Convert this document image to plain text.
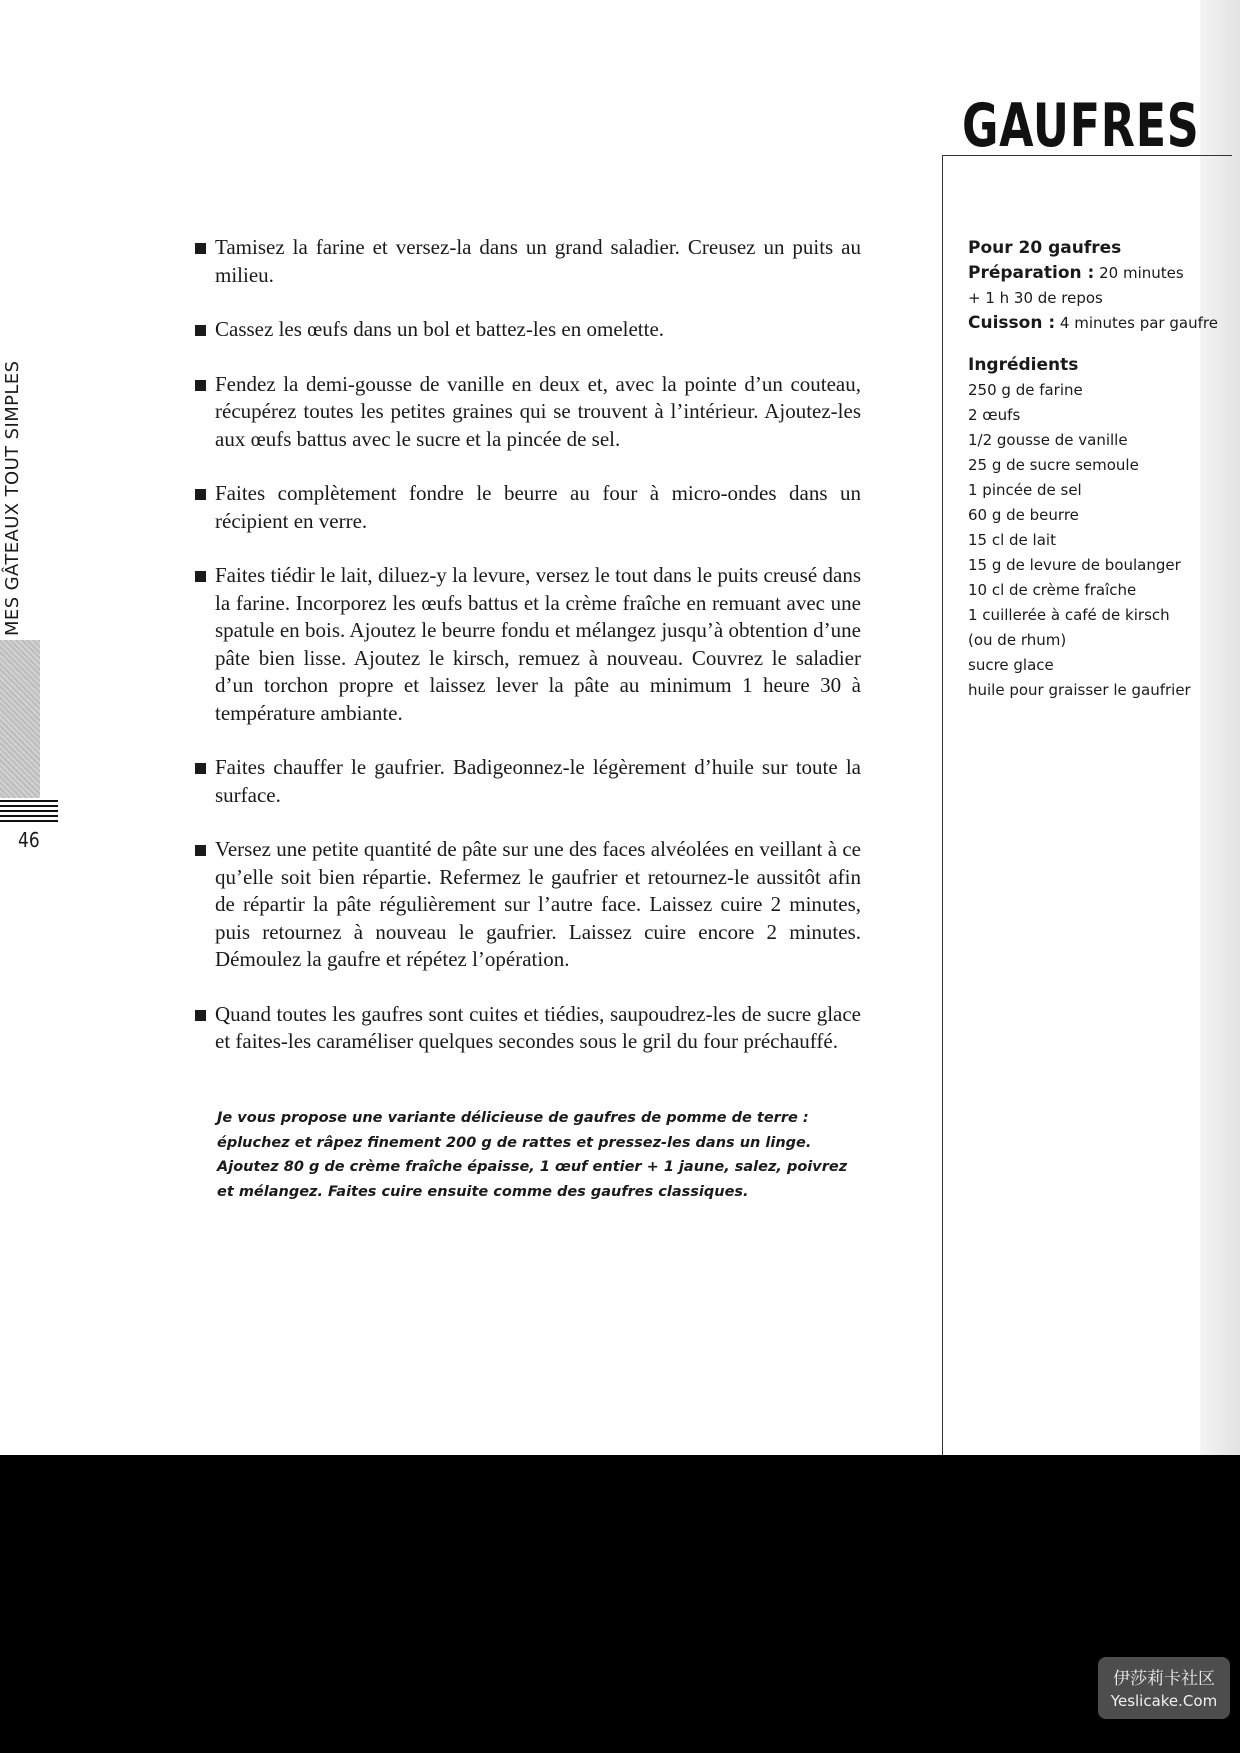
MES GÂTEAUX TOUT SIMPLES
46
GAUFRES
Pour 20 gaufres
Préparation : 20 minutes
+ 1 h 30 de repos
Cuisson : 4 minutes par gaufre
Ingrédients
250 g de farine
2 œufs
1/2 gousse de vanille
25 g de sucre semoule
1 pincée de sel
60 g de beurre
15 cl de lait
15 g de levure de boulanger
10 cl de crème fraîche
1 cuillerée à café de kirsch
(ou de rhum)
sucre glace
huile pour graisser le gaufrier
Tamisez la farine et versez-la dans un grand saladier. Creusez un puits au milieu.
Cassez les œufs dans un bol et battez-les en omelette.
Fendez la demi-gousse de vanille en deux et, avec la pointe d’un couteau, récupérez toutes les petites graines qui se trouvent à l’intérieur. Ajoutez-les aux œufs battus avec le sucre et la pincée de sel.
Faites complètement fondre le beurre au four à micro-ondes dans un récipient en verre.
Faites tiédir le lait, diluez-y la levure, versez le tout dans le puits creusé dans la farine. Incorporez les œufs battus et la crème fraîche en remuant avec une spatule en bois. Ajoutez le beurre fondu et mélangez jusqu’à obtention d’une pâte bien lisse. Ajoutez le kirsch, remuez à nouveau. Couvrez le saladier d’un torchon propre et laissez lever la pâte au minimum 1 heure 30 à température ambiante.
Faites chauffer le gaufrier. Badigeonnez-le légèrement d’huile sur toute la surface.
Versez une petite quantité de pâte sur une des faces alvéolées en veillant à ce qu’elle soit bien répartie. Refermez le gaufrier et retournez-le aussitôt afin de répartir la pâte régulièrement sur l’autre face. Laissez cuire 2 minutes, puis retournez à nouveau le gaufrier. Laissez cuire encore 2 minutes. Démoulez la gaufre et répétez l’opération.
Quand toutes les gaufres sont cuites et tiédies, saupoudrez-les de sucre glace et faites-les caraméliser quelques secondes sous le gril du four préchauffé.

Je vous propose une variante délicieuse de gaufres de pomme de terre : épluchez et râpez finement 200 g de rattes et pressez-les dans un linge. Ajoutez 80 g de crème fraîche épaisse, 1 œuf entier + 1 jaune, salez, poivrez et mélangez. Faites cuire ensuite comme des gaufres classiques.

伊莎莉卡社区
Yeslicake.Com
